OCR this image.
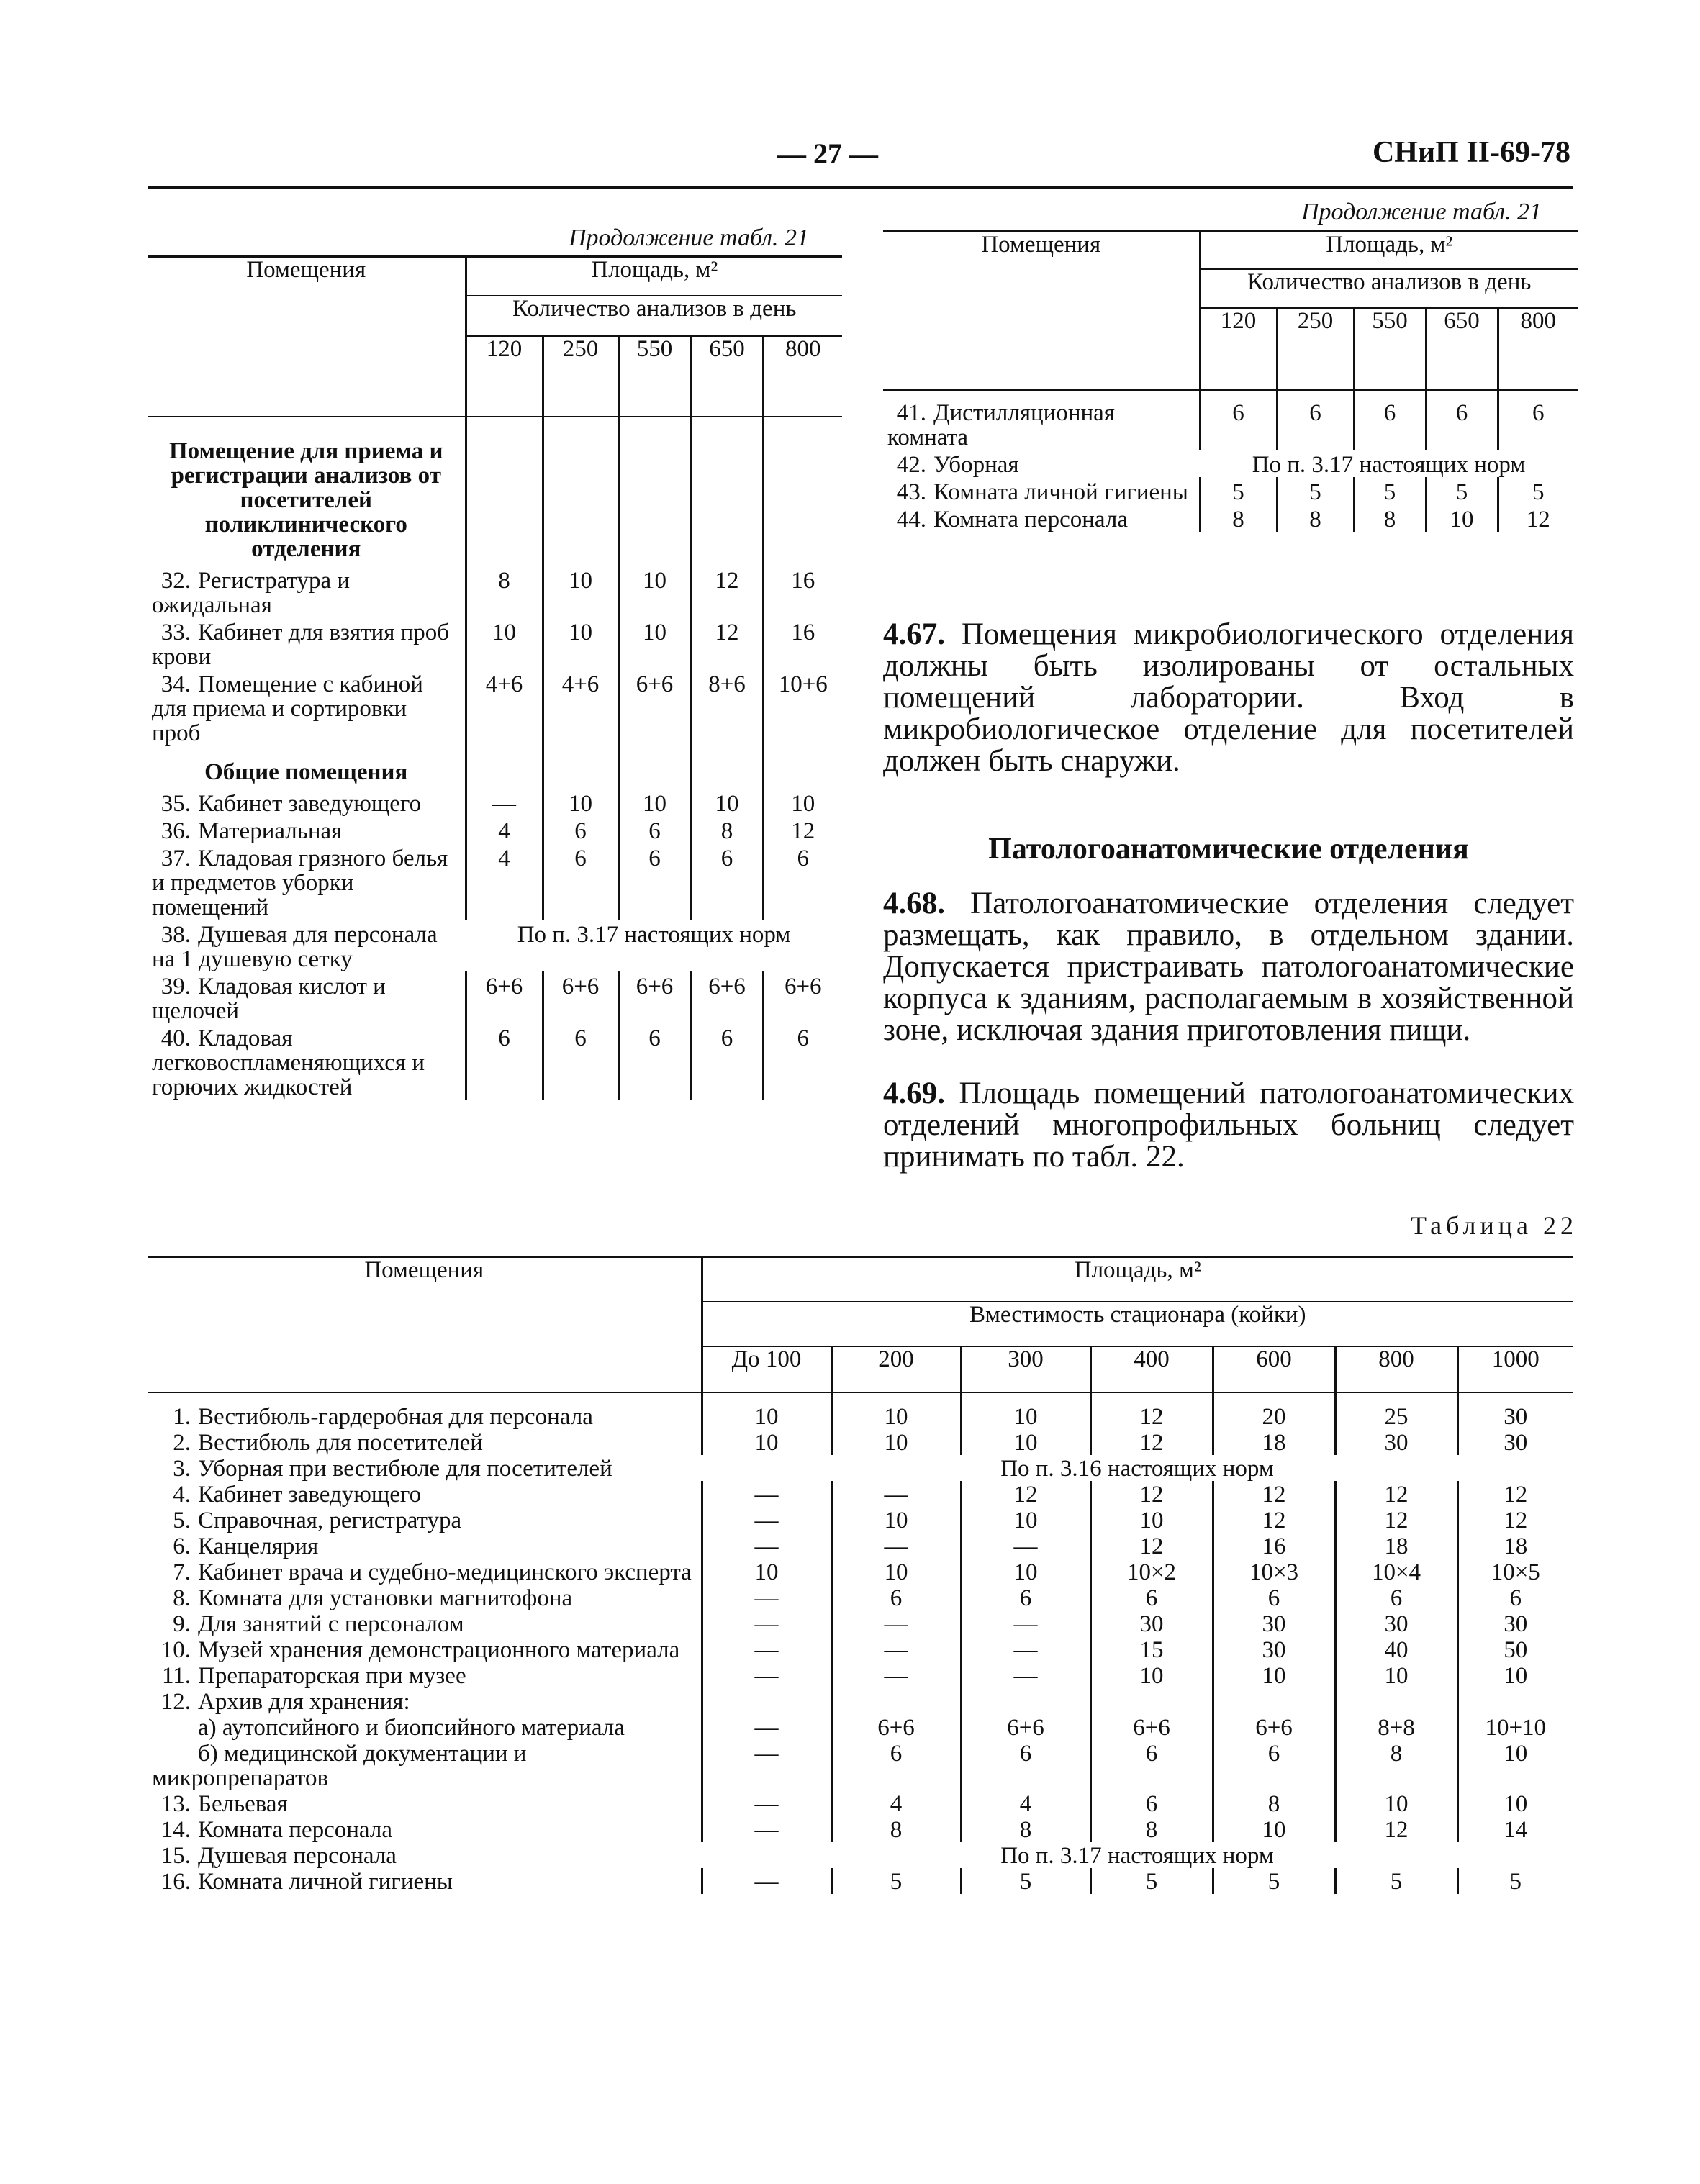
— 27 —	СНиП II-69-78
Продолжение табл. 21
Помещения	Площадь, м²				
	Количество анализов в день				
	120	250	550	650	800
Помещение для приема и регистрации анализов от посетителей поликлинического отделения					
32. Регистратура и ожидальная	8	10	10	12	16
33. Кабинет для взятия проб крови	10	10	10	12	16
34. Помещение с кабиной для приема и сортировки проб	4+6	4+6	6+6	8+6	10+6
Общие помещения					
35. Кабинет заведующего	—	10	10	10	10
36. Материальная	4	6	6	8	12
37. Кладовая грязного белья и предметов уборки помещений	4	6	6	6	6
38. Душевая для персонала на 1 душевую сетку	По п. 3.17 настоящих норм				
39. Кладовая кислот и щелочей	6+6	6+6	6+6	6+6	6+6
40. Кладовая легковоспламеняющихся и горючих жидкостей	6	6	6	6	6
Продолжение табл. 21
Помещения	Площадь, м²				
	Количество анализов в день				
	120	250	550	650	800
41. Дистилляционная комната	6	6	6	6	6
42. Уборная	По п. 3.17 настоящих норм				
43. Комната личной гигиены	5	5	5	5	5
44. Комната персонала	8	8	8	10	12
4.67. Помещения микробиологического отделения должны быть изолированы от остальных помещений лаборатории. Вход в микробиологическое отделение для посетителей должен быть снаружи.
Патологоанатомические отделения
4.68. Патологоанатомические отделения следует размещать, как правило, в отдельном здании. Допускается пристраивать патологоанатомические корпуса к зданиям, располагаемым в хозяйственной зоне, исключая здания приготовления пищи.
4.69. Площадь помещений патологоанатомических отделений многопрофильных больниц следует принимать по табл. 22.
Таблица 22
Помещения	Площадь, м²						
	Вместимость стационара (койки)						
	До 100	200	300	400	600	800	1000
1. Вестибюль-гардеробная для персонала	10	10	10	12	20	25	30
2. Вестибюль для посетителей	10	10	10	12	18	30	30
3. Уборная при вестибюле для посетителей	По п. 3.16 настоящих норм						
4. Кабинет заведующего	—	—	12	12	12	12	12
5. Справочная, регистратура	—	10	10	10	12	12	12
6. Канцелярия	—	—	—	12	16	18	18
7. Кабинет врача и судебно-медицинского эксперта	10	10	10	10×2	10×3	10×4	10×5
8. Комната для установки магнитофона	—	6	6	6	6	6	6
9. Для занятий с персоналом	—	—	—	30	30	30	30
10. Музей хранения демонстрационного материала	—	—	—	15	30	40	50
11. Препараторская при музее	—	—	—	10	10	10	10
12. Архив для хранения:							
а) аутопсийного и биопсийного материала	—	6+6	6+6	6+6	6+6	8+8	10+10
б) медицинской документации и микропрепаратов	—	6	6	6	6	8	10
13. Бельевая	—	4	4	6	8	10	10
14. Комната персонала	—	8	8	8	10	12	14
15. Душевая персонала	По п. 3.17 настоящих норм						
16. Комната личной гигиены	—	5	5	5	5	5	5
